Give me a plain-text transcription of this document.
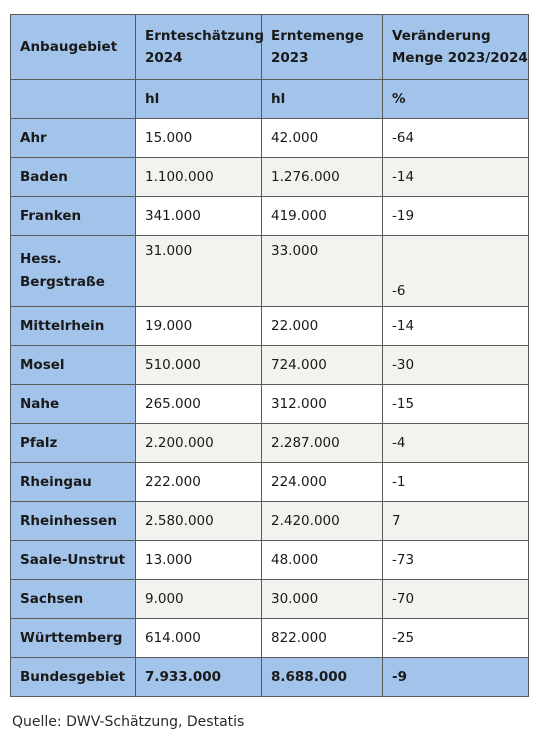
Anbaugebiet	Ernteschätzung 2024	Erntemenge 2023	Veränderung Menge 2023/2024
	hl	hl	%
Ahr	15.000	42.000	-64
Baden	1.100.000	1.276.000	-14
Franken	341.000	419.000	-19
Hess. Bergstraße	31.000	33.000	-6
Mittelrhein	19.000	22.000	-14
Mosel	510.000	724.000	-30
Nahe	265.000	312.000	-15
Pfalz	2.200.000	2.287.000	-4
Rheingau	222.000	224.000	-1
Rheinhessen	2.580.000	2.420.000	7
Saale-Unstrut	13.000	48.000	-73
Sachsen	9.000	30.000	-70
Württemberg	614.000	822.000	-25
Bundesgebiet	7.933.000	8.688.000	-9
Quelle: DWV-Schätzung, Destatis
